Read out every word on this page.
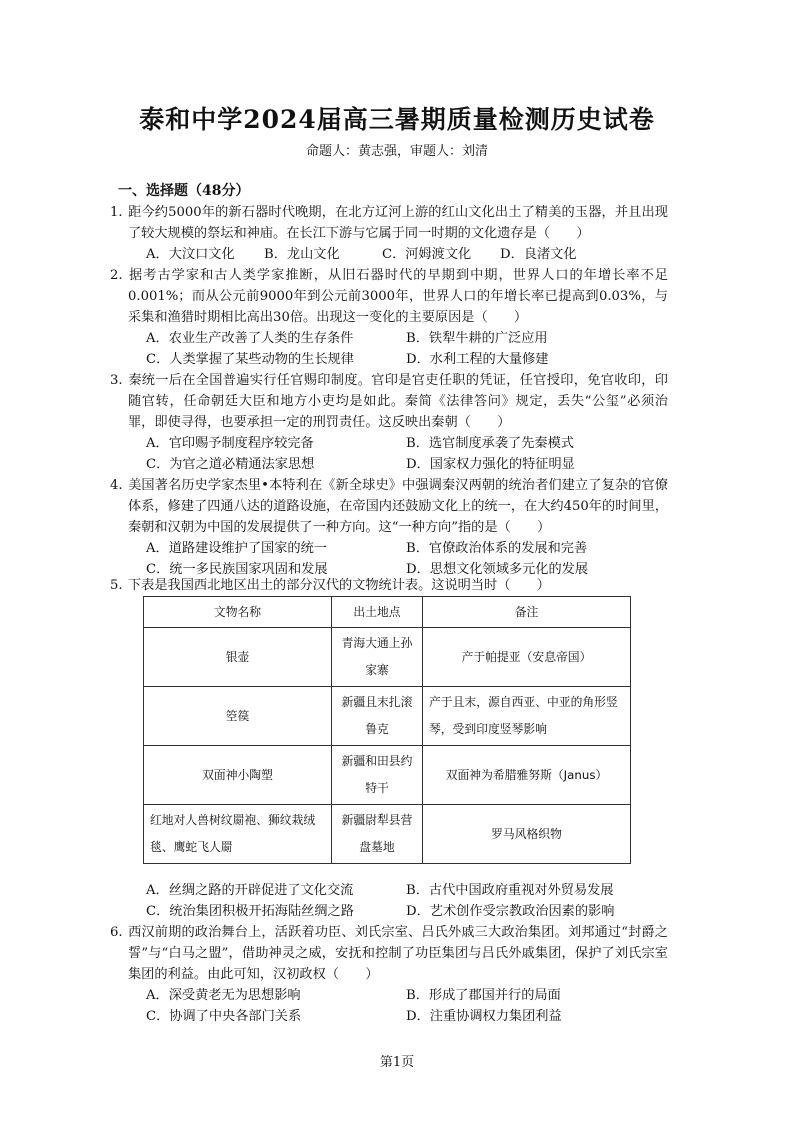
泰和中学2024届高三暑期质量检测历史试卷
命题人：黄志强，审题人：刘清
一、选择题（48分）
1. 距今约5000年的新石器时代晚期，在北方辽河上游的红山文化出土了精美的玉器，并且出现了较大规模的祭坛和神庙。在长江下游与它属于同一时期的文化遗存是（　　）
A．大汶口文化 B．龙山文化	C．河姆渡文化 D．良渚文化
2. 据考古学家和古人类学家推断，从旧石器时代的早期到中期，世界人口的年增长率不足0.001%；而从公元前9000年到公元前3000年，世界人口的年增长率已提高到0.03%，与采集和渔猎时期相比高出30倍。出现这一变化的主要原因是（　　）
A．农业生产改善了人类的生存条件	B．铁犁牛耕的广泛应用
C．人类掌握了某些动物的生长规律	D．水利工程的大量修建
3. 秦统一后在全国普遍实行任官赐印制度。官印是官吏任职的凭证，任官授印，免官收印，印随官转，任命朝廷大臣和地方小吏均是如此。秦简《法律答问》规定，丢失“公玺”必须治罪，即使寻得，也要承担一定的刑罚责任。这反映出秦朝（　　）
A．官印赐予制度程序较完备	B．选官制度承袭了先秦模式
C．为官之道必精通法家思想	D．国家权力强化的特征明显
4. 美国著名历史学家杰里•本特利在《新全球史》中强调秦汉两朝的统治者们建立了复杂的官僚体系，修建了四通八达的道路设施，在帝国内还鼓励文化上的统一，在大约450年的时间里，秦朝和汉朝为中国的发展提供了一种方向。这“一种方向”指的是（　　）
A．道路建设维护了国家的统一	B．官僚政治体系的发展和完善
C．统一多民族国家巩固和发展	D．思想文化领域多元化的发展
5. 下表是我国西北地区出土的部分汉代的文物统计表。这说明当时（　　）
文物名称	出土地点	备注
银壶	青海大通上孙家寨	产于帕提亚（安息帝国）
箜篌	新疆且末扎滚鲁克	产于且末，源自西亚、中亚的角形竖琴，受到印度竖琴影响
双面神小陶塑	新疆和田县约特干	双面神为希腊雅努斯（Janus）
红地对人兽树纹罽袍、狮纹栽绒毯、鹰蛇飞人罽	新疆尉犁县营盘墓地	罗马风格织物
A．丝绸之路的开辟促进了文化交流	B．古代中国政府重视对外贸易发展
C．统治集团积极开拓海陆丝绸之路	D．艺术创作受宗教政治因素的影响
6. 西汉前期的政治舞台上，活跃着功臣、刘氏宗室、吕氏外戚三大政治集团。刘邦通过“封爵之誓”与“白马之盟”，借助神灵之威，安抚和控制了功臣集团与吕氏外戚集团，保护了刘氏宗室集团的利益。由此可知，汉初政权（　　）
A．深受黄老无为思想影响	B．形成了郡国并行的局面
C．协调了中央各部门关系	D．注重协调权力集团利益
第1页
